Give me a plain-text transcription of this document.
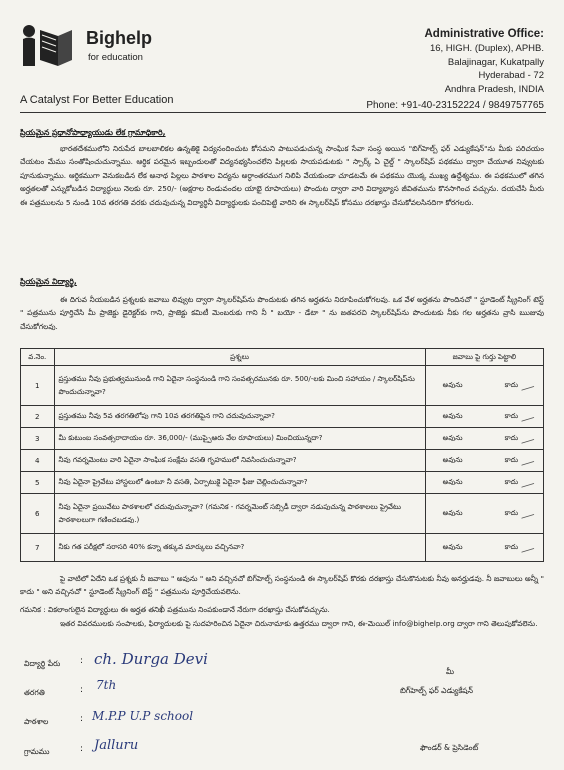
Bighelp
for education
A Catalyst For Better Education
Administrative Office:
16, HIGH. (Duplex), APHB.
Balajinagar, Kukatpally
Hyderabad - 72
Andhra Pradesh, INDIA
Phone: +91-40-23152224 / 9849757765
ప్రియమైన ప్రధానోపాధ్యాయుడు లేక గ్రామాధికారి,
భారతదేశములోని నిరుపేద బాలబాలికల ఉన్నతికై విద్యనందించుట కోసమని పాటుపడుచున్న సాంఘిక సేవా సంస్థ అయిన "బిగ్‌హెల్ప్ ఫర్ ఎడ్యుకేషన్"ను మీకు పరిచయం చేయటం మేము సంతోషించుచున్నాము. ఆర్థిక పరమైన ఇబ్బందులతో విద్యనభ్యసించలేని పిల్లలకు సాయపడుటకు " స్పార్క్ ఏ చైల్డ్ " స్కాలర్‌షిప్ పథకము ద్వారా చేయూత నివ్వుటకు పూనుకున్నాము. ఆర్థికముగా వెనుకబడిన లేక అనాథ పిల్లలు పాఠశాల విద్యను అర్ధాంతరముగ నిలిపి వేయకుండా చూడటమే ఈ పథకము యొక్క ముఖ్య ఉద్దేశ్యము. ఈ పథకములో తగిన అర్హతలతో ఎన్నుకోబడిన విద్యార్థులు నెలకు రూ. 250/- (అక్షరాల రెండువందల యాభై రూపాయలు) పొందుట ద్వారా వారి విద్యాభ్యాస జీవితమును కొనసాగించ వచ్చును. దయచేసి మీరు ఈ పత్రములను 5 నుండి 10వ తరగతి వరకు చదువుచున్న విద్యార్థినీ విద్యార్థులకు పంచిపెట్టి వారిని ఈ స్కాలర్‌షిప్ కోసము దరఖాస్తు చేసుకోవలసినదిగా కోరగలరు.
ప్రియమైన విద్యార్థి,
ఈ దిగువ నీయబడిన ప్రశ్నలకు జవాబు లివ్వుట ద్వారా స్కాలర్‌షిప్‌ను పొందుటకు తగిన అర్హతను నిరూపించుకోగలవు. ఒక వేళ అర్హతను పొందినచో " స్టూడెంట్ స్క్రీనింగ్ టెస్ట్ " పత్రమును పూర్తిచేసి మీ ప్రాజెక్టు డైరెక్టర్‌కు గాని, ప్రాజెక్టు కమిటీ మెంబరుకు గాని నీ " బయో - డేటా " ను జతపరచి స్కాలర్‌షిప్‌ను పొందుటకు నీకు గల అర్హతను వ్రాసి ఋజువు చేసుకోగలవు.
వ.నెం.	ప్రశ్నలు	జవాబు పై గుర్తు పెట్టాలి
1	ప్రస్తుతము నీవు ప్రభుత్వమునుండి గాని ఏదైనా సంస్థనుండి గాని సంవత్సరమునకు రూ. 500/-లకు మించి సహాయం / స్కాలర్‌షిప్‌ను పొందుచున్నావా?	అవును కాదు

2	ప్రస్తుతము నీవు 5వ తరగతిలోపు గాని 10వ తరగతిపైన గాని చదువుచున్నావా?	అవును కాదు

3	మీ కుటుంబ సంవత్సరాదాయం రూ. 36,000/- (ముప్పైఆరు వేల రూపాయలు) మించియున్నదా?	అవును కాదు

4	నీవు గవర్నమెంటు వారి ఏదైనా సాంఘిక సంక్షేమ వసతి గృహములో నివసించుచున్నావా?	అవును కాదు

5	నీవు ఏదైనా ప్రైవేటు హాస్టలులో ఉంటూ నీ వసతి, ఏర్పాటుకై ఏదైనా ఫీజు చెల్లించుచున్నావా?	అవును కాదు

6	నీవు ఏదైనా ప్రయివేటు పాఠశాలలో చదువుచున్నావా? (గమనిక - గవర్నమెంట్ సబ్సిడీ ద్వారా నడుపుచున్న పాఠశాలలు ప్రైవేటు పాఠశాలలుగా గణించబడవు.)	అవును కాదు

7	నీకు గత పరీక్షలో సరాసరి 40% కన్నా తక్కువ మార్కులు వచ్చినవా?	అవును కాదు
పై వాటిలో ఏదేని ఒక ప్రశ్నకు నీ జవాబు " అవును " అని వచ్చినచో బిగ్‌హెల్ప్ సంస్థనుండి ఈ స్కాలర్‌షిప్ కొరకు దరఖాస్తు చేసుకొనుటకు నీవు అనర్హుడవు. నీ జవాబులు అన్నీ " కాదు " అని వచ్చినచో " స్టూడెంట్ స్క్రీనింగ్ టెస్ట్ " పత్రమును పూర్తిచేయవలెను.
గమనిక : వికలాంగులైన విద్యార్థులు ఈ అర్హత తనిఖీ పత్రమును నింపకుండానే నేరుగా దరఖాస్తు చేసుకోవచ్చును.
ఇతర వివరములకు సంపాలకు, ఫిర్యాదులకు పై సుదహరించిన ఏదైనా చిరునామాకు ఉత్తరము ద్వారా గాని, ఈ-మెయిల్ info@bighelp.org ద్వారా గాని తెలుపుకోవలెను.
విద్యార్థి పేరు : ch. Durga Devi
తరగతి	: 7th
పాఠశాల	: M.P.P U.P school
గ్రామము	: Jalluru
మీ
బిగ్‌హెల్ప్ ఫర్ ఎడ్యుకేషన్
ఫౌండర్ & ప్రెసిడెంట్
